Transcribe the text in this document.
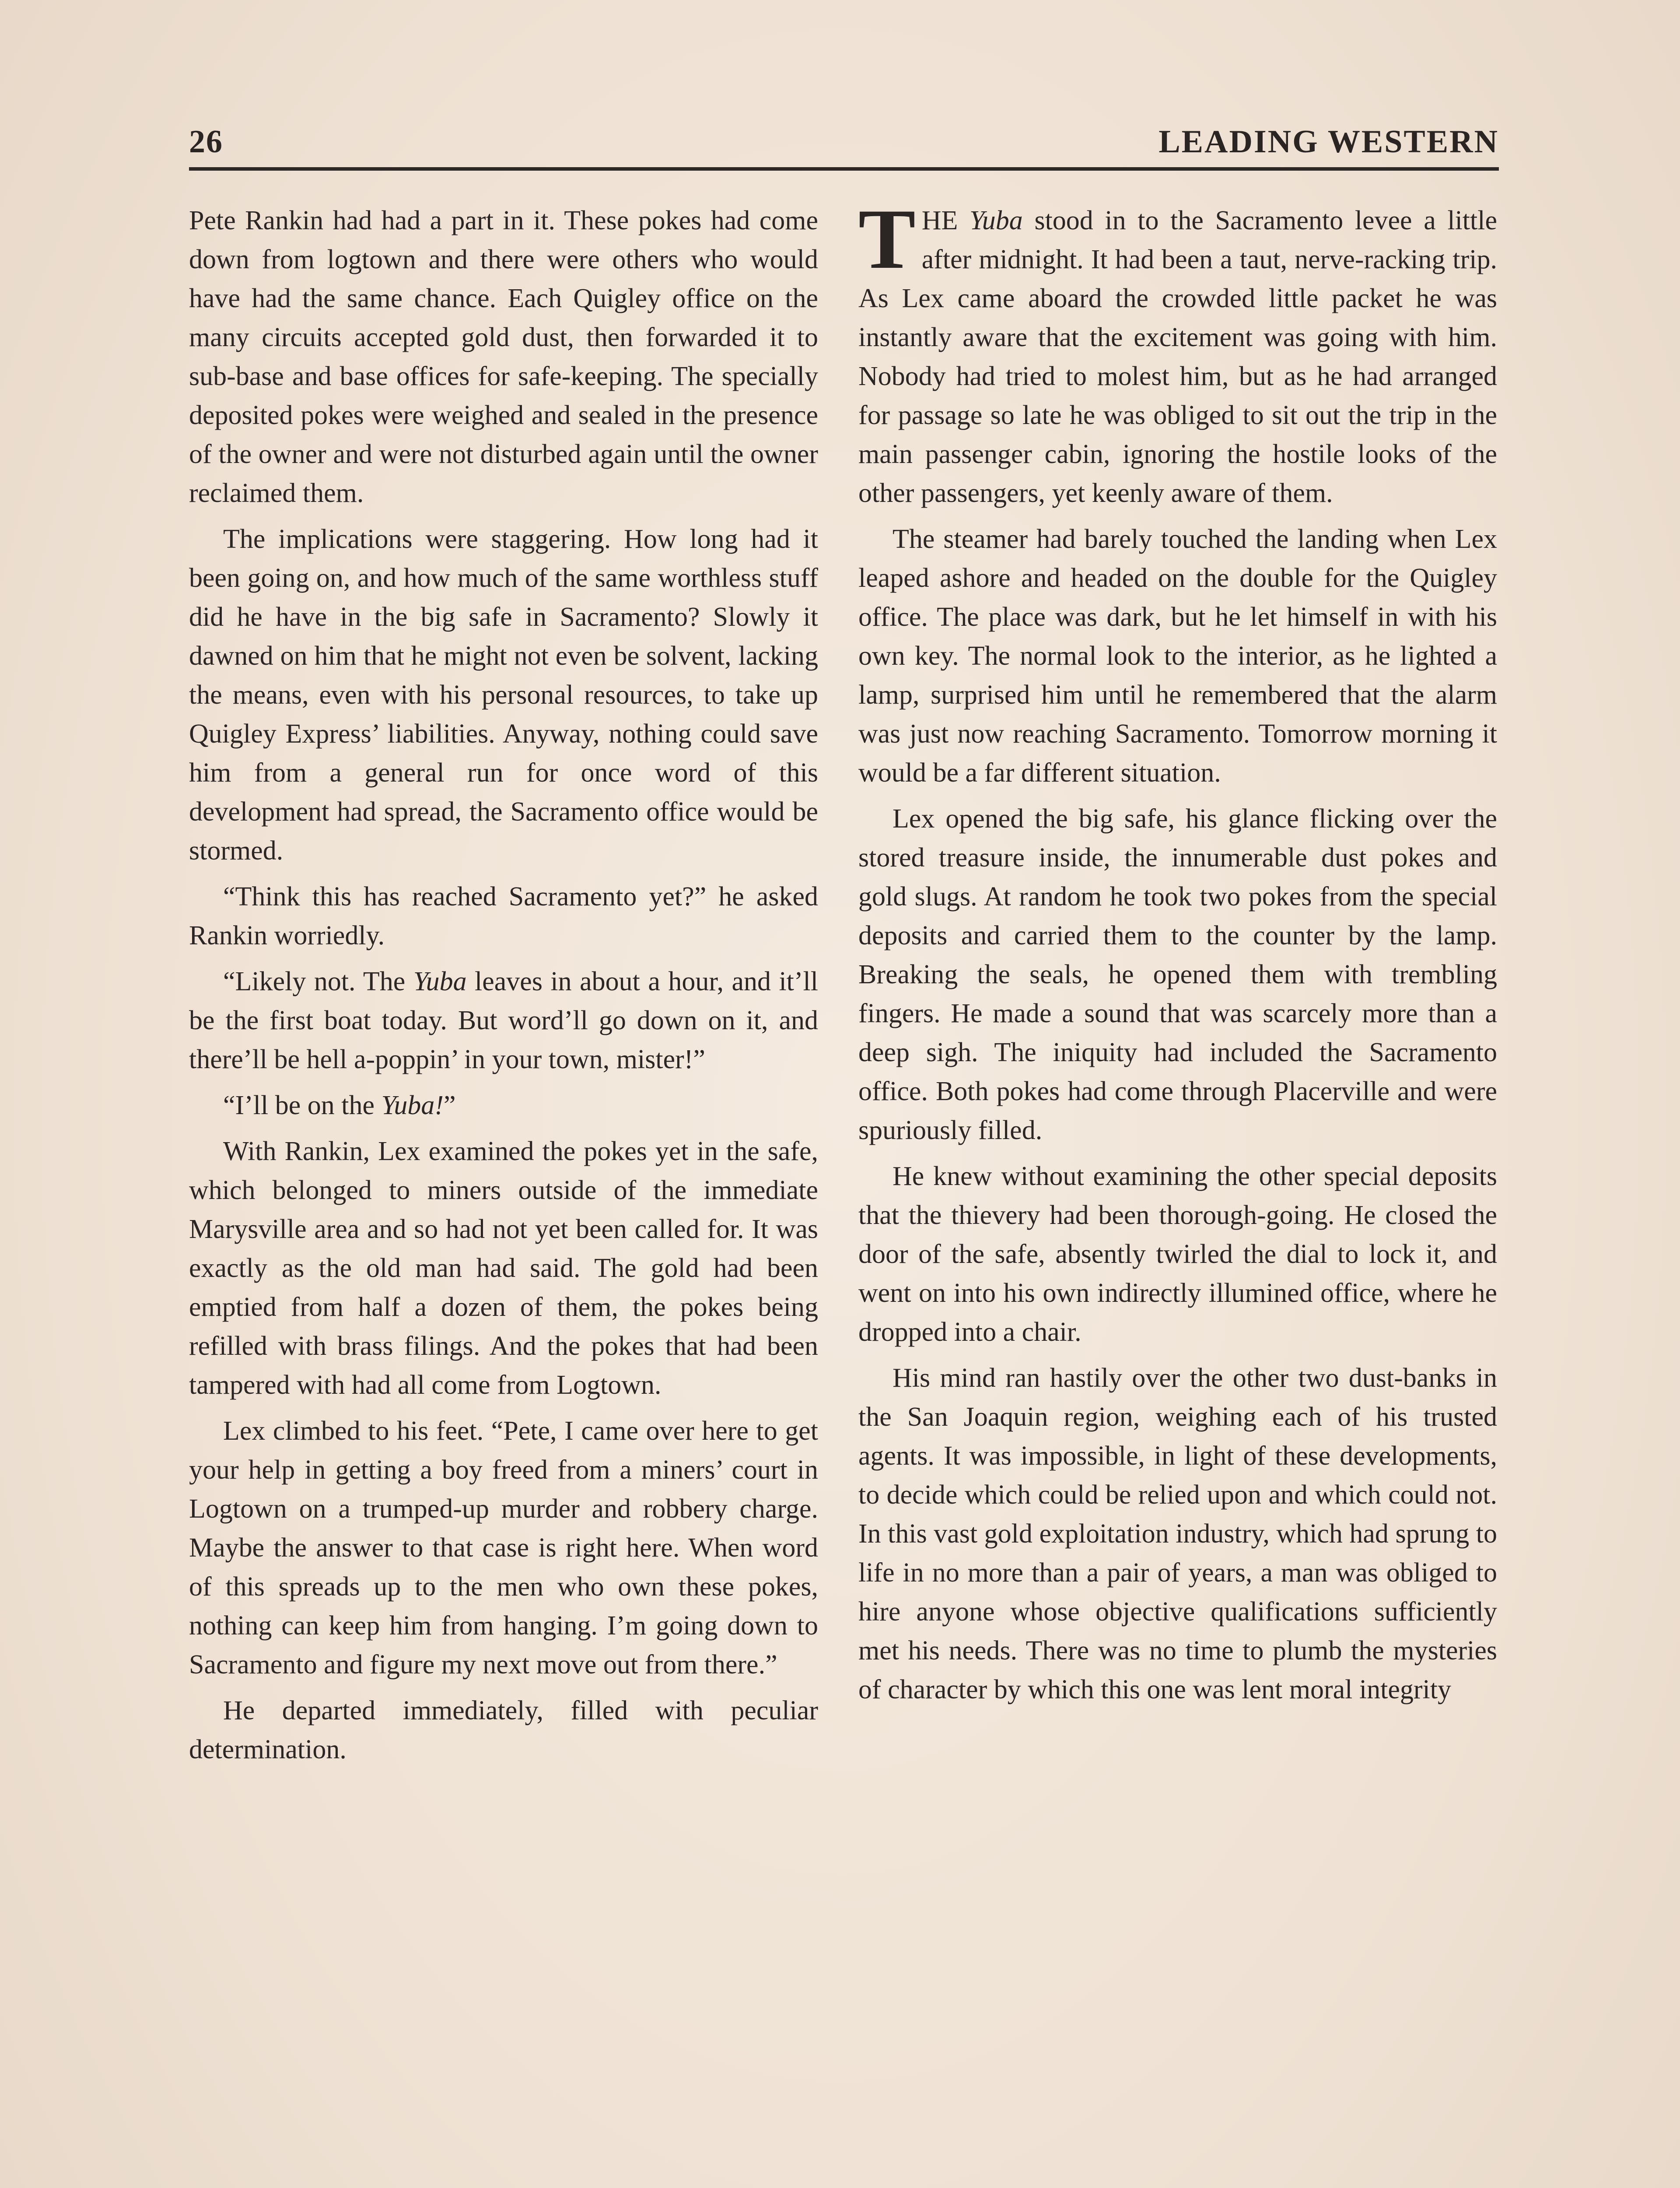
26	LEADING WESTERN

Pete Rankin had had a part in it. These pokes had come down from logtown and there were others who would have had the same chance. Each Quigley office on the many circuits accepted gold dust, then forwarded it to sub-base and base offices for safe-keeping. The specially deposited pokes were weighed and sealed in the presence of the owner and were not disturbed again until the owner reclaimed them.

The implications were staggering. How long had it been going on, and how much of the same worthless stuff did he have in the big safe in Sacramento? Slowly it dawned on him that he might not even be solvent, lacking the means, even with his personal resources, to take up Quigley Express’ liabilities. Anyway, nothing could save him from a general run for once word of this development had spread, the Sacramento office would be stormed.

“Think this has reached Sacramento yet?” he asked Rankin worriedly.

“Likely not. The Yuba leaves in about a hour, and it’ll be the first boat today. But word’ll go down on it, and there’ll be hell a-poppin’ in your town, mister!”

“I’ll be on the Yuba!”

With Rankin, Lex examined the pokes yet in the safe, which belonged to miners outside of the immediate Marysville area and so had not yet been called for. It was exactly as the old man had said. The gold had been emptied from half a dozen of them, the pokes being refilled with brass filings. And the pokes that had been tampered with had all come from Logtown.

Lex climbed to his feet. “Pete, I came over here to get your help in getting a boy freed from a miners’ court in Logtown on a trumped-up murder and robbery charge. Maybe the answer to that case is right here. When word of this spreads up to the men who own these pokes, nothing can keep him from hanging. I’m going down to Sacramento and figure my next move out from there.”

He departed immediately, filled with peculiar determination.

THE Yuba stood in to the Sacramento levee a little after midnight. It had been a taut, nerve-racking trip. As Lex came aboard the crowded little packet he was instantly aware that the excitement was going with him. Nobody had tried to molest him, but as he had arranged for passage so late he was obliged to sit out the trip in the main passenger cabin, ignoring the hostile looks of the other passengers, yet keenly aware of them.

The steamer had barely touched the landing when Lex leaped ashore and headed on the double for the Quigley office. The place was dark, but he let himself in with his own key. The normal look to the interior, as he lighted a lamp, surprised him until he remembered that the alarm was just now reaching Sacramento. Tomorrow morning it would be a far different situation.

Lex opened the big safe, his glance flicking over the stored treasure inside, the innumerable dust pokes and gold slugs. At random he took two pokes from the special deposits and carried them to the counter by the lamp. Breaking the seals, he opened them with trembling fingers. He made a sound that was scarcely more than a deep sigh. The iniquity had included the Sacramento office. Both pokes had come through Placerville and were spuriously filled.

He knew without examining the other special deposits that the thievery had been thorough-going. He closed the door of the safe, absently twirled the dial to lock it, and went on into his own indirectly illumined office, where he dropped into a chair.

His mind ran hastily over the other two dust-banks in the San Joaquin region, weighing each of his trusted agents. It was impossible, in light of these developments, to decide which could be relied upon and which could not. In this vast gold exploitation industry, which had sprung to life in no more than a pair of years, a man was obliged to hire anyone whose objective qualifications sufficiently met his needs. There was no time to plumb the mysteries of character by which this one was lent moral integrity
